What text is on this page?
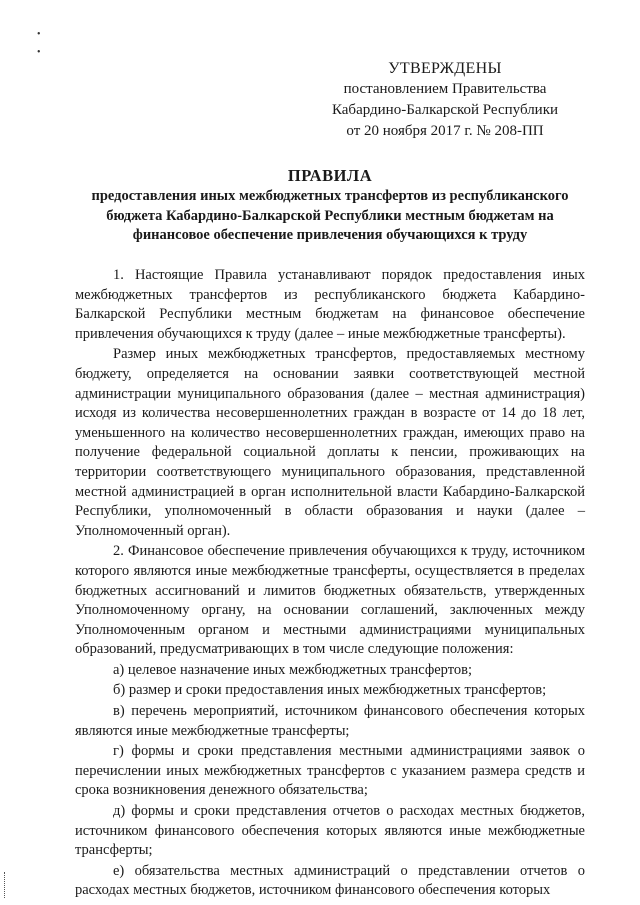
•
•
УТВЕРЖДЕНЫ
постановлением Правительства
Кабардино-Балкарской Республики
от 20 ноября 2017 г. № 208-ПП
ПРАВИЛА
предоставления иных межбюджетных трансфертов из республиканского бюджета Кабардино-Балкарской Республики местным бюджетам на финансовое обеспечение привлечения обучающихся к труду

1. Настоящие Правила устанавливают порядок предоставления иных межбюджетных трансфертов из республиканского бюджета Кабардино-Балкарской Республики местным бюджетам на финансовое обеспечение привлечения обучающихся к труду (далее – иные межбюджетные трансферты).

Размер иных межбюджетных трансфертов, предоставляемых местному бюджету, определяется на основании заявки соответствующей местной администрации муниципального образования (далее – местная администрация) исходя из количества несовершеннолетних граждан в возрасте от 14 до 18 лет, уменьшенного на количество несовершеннолетних граждан, имеющих право на получение федеральной социальной доплаты к пенсии, проживающих на территории соответствующего муниципального образования, представленной местной администрацией в орган исполнительной власти Кабардино-Балкарской Республики, уполномоченный в области образования и науки (далее – Уполномоченный орган).

2. Финансовое обеспечение привлечения обучающихся к труду, источником которого являются иные межбюджетные трансферты, осуществляется в пределах бюджетных ассигнований и лимитов бюджетных обязательств, утвержденных Уполномоченному органу, на основании соглашений, заключенных между Уполномоченным органом и местными администрациями муниципальных образований, предусматривающих в том числе следующие положения:

а) целевое назначение иных межбюджетных трансфертов;

б) размер и сроки предоставления иных межбюджетных трансфертов;

в) перечень мероприятий, источником финансового обеспечения которых являются иные межбюджетные трансферты;

г) формы и сроки представления местными администрациями заявок о перечислении иных межбюджетных трансфертов с указанием размера средств и срока возникновения денежного обязательства;

д) формы и сроки представления отчетов о расходах местных бюджетов, источником финансового обеспечения которых являются иные межбюджетные трансферты;

е) обязательства местных администраций о представлении отчетов о расходах местных бюджетов, источником финансового обеспечения которых
